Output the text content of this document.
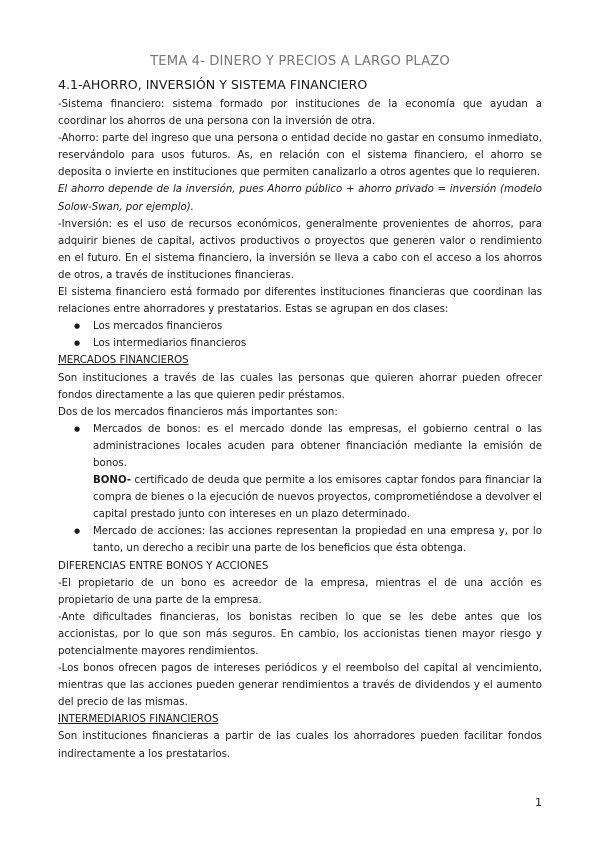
TEMA 4- DINERO Y PRECIOS A LARGO PLAZO
4.1-AHORRO, INVERSIÓN Y SISTEMA FINANCIERO

-Sistema financiero: sistema formado por instituciones de la economía que ayudan a coordinar los ahorros de una persona con la inversión de otra.

-Ahorro: parte del ingreso que una persona o entidad decide no gastar en consumo inmediato, reservándolo para usos futuros. As, en relación con el sistema financiero, el ahorro se deposita o invierte en instituciones que permiten canalizarlo a otros agentes que lo requieren.

El ahorro depende de la inversión, pues Ahorro público + ahorro privado = inversión (modelo Solow-Swan, por ejemplo).

-Inversión: es el uso de recursos económicos, generalmente provenientes de ahorros, para adquirir bienes de capital, activos productivos o proyectos que generen valor o rendimiento en el futuro. En el sistema financiero, la inversión se lleva a cabo con el acceso a los ahorros de otros, a través de instituciones financieras.

El sistema financiero está formado por diferentes instituciones financieras que coordinan las relaciones entre ahorradores y prestatarios. Estas se agrupan en dos clases:

● Los mercados financieros
● Los intermediarios financieros

MERCADOS FINANCIEROS

Son instituciones a través de las cuales las personas que quieren ahorrar pueden ofrecer fondos directamente a las que quieren pedir préstamos.

Dos de los mercados financieros más importantes son:

● Mercados de bonos: es el mercado donde las empresas, el gobierno central o las administraciones locales acuden para obtener financiación mediante la emisión de bonos.
BONO- certificado de deuda que permite a los emisores captar fondos para financiar la compra de bienes o la ejecución de nuevos proyectos, comprometiéndose a devolver el capital prestado junto con intereses en un plazo determinado.
● Mercado de acciones: las acciones representan la propiedad en una empresa y, por lo tanto, un derecho a recibir una parte de los beneficios que ésta obtenga.

DIFERENCIAS ENTRE BONOS Y ACCIONES

-El propietario de un bono es acreedor de la empresa, mientras el de una acción es propietario de una parte de la empresa.

-Ante dificultades financieras, los bonistas reciben lo que se les debe antes que los accionistas, por lo que son más seguros. En cambio, los accionistas tienen mayor riesgo y potencialmente mayores rendimientos.

-Los bonos ofrecen pagos de intereses periódicos y el reembolso del capital al vencimiento, mientras que las acciones pueden generar rendimientos a través de dividendos y el aumento del precio de las mismas.

INTERMEDIARIOS FINANCIEROS

Son instituciones financieras a partir de las cuales los ahorradores pueden facilitar fondos indirectamente a los prestatarios.

1
